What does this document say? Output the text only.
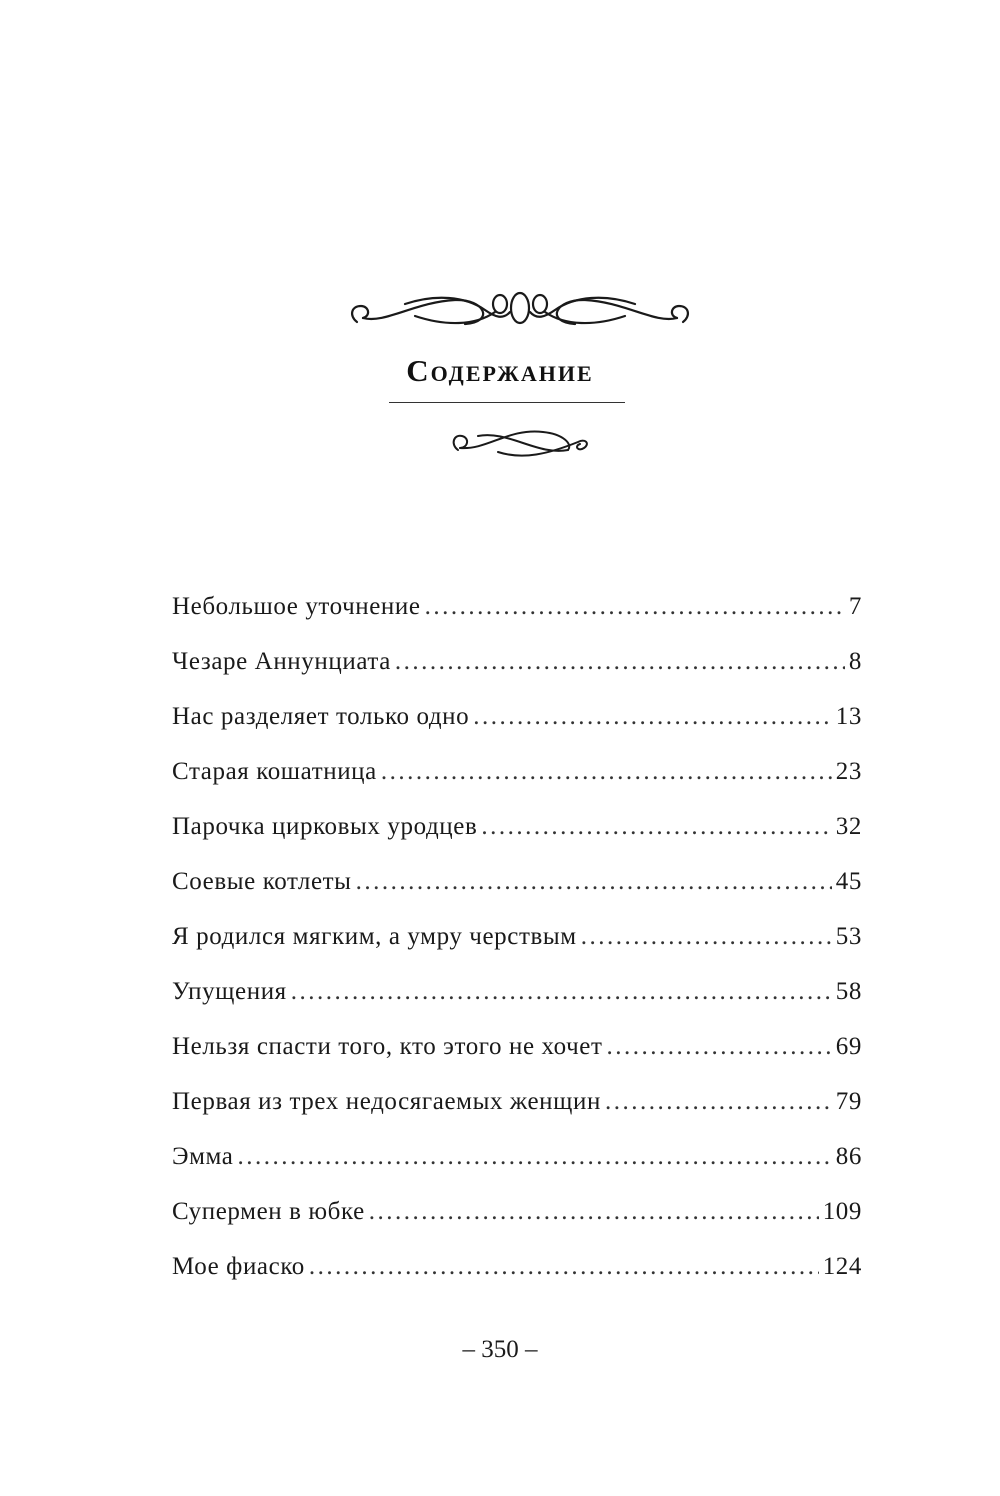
Содержание
Небольшое уточнение .....	7
Чезаре Аннунциата .....	8
Нас разделяет только одно .....	13
Старая кошатница .....	23
Парочка цирковых уродцев .....	32
Соевые котлеты .....	45
Я родился мягким, а умру черствым .....	53
Упущения .....	58
Нельзя спасти того, кто этого не хочет .....	69
Первая из трех недосягаемых женщин .....	79
Эмма .....	86
Супермен в юбке .....	109
Мое фиаско .....	124
– 350 –
